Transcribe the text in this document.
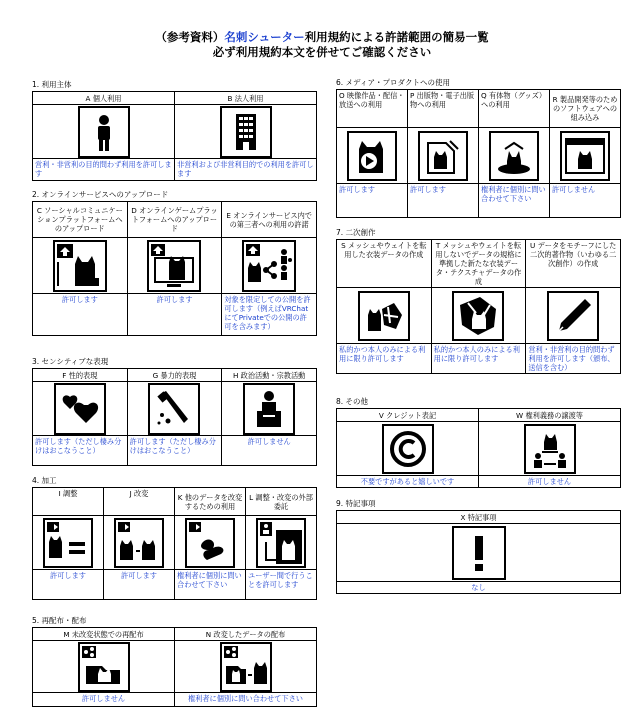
（参考資料）名刺シューター利用規約による許諾範囲の簡易一覧
必ず利用規約本文を併せてご確認ください
1. 利用主体
A 個人利用	B 法人利用

営利・非営利の目的問わず利用を許可します	非営利および非営利目的での利用を許可します
2. オンラインサービスへのアップロード
C ソーシャルコミュニケーションプラットフォームへのアップロード	D オンラインゲームプラットフォームへのアップロード	E オンラインサービス内での第三者への利用の許諾

許可します	許可します	対象を限定しての公開を許可します（例えばVRChatにてPrivateでの公開の許可を含みます）
3. センシティブな表現
F 性的表現	G 暴力的表現	H 政治活動・宗教活動

許可します（ただし棲み分けはおこなうこと）	許可します（ただし棲み分けはおこなうこと）	許可しません
4. 加工
I 調整	J 改変	K 他のデータを改変するための利用	L 調整・改変の外部委託

許可します	許可します	権利者に個別に問い合わせて下さい	ユーザー間で行うことを許可します
5. 再配布・配布
M 未改変状態での再配布	N 改変したデータの配布

許可しません	権利者に個別に問い合わせて下さい
6. メディア・プロダクトへの使用
O 映像作品・配信・放送への利用	P 出版物・電子出版物への利用	Q 有体物（グッズ）への利用	R 製品開発等のためのソフトウェアへの組み込み

許可します	許可します	権利者に個別に問い合わせて下さい	許可しません
7. 二次創作
S メッシュやウェイトを転用した衣装データの作成	T メッシュやウェイトを転用しないでデータの規格に準拠した新たな衣装データ・テクスチャデータの作成	U データをモチーフにした二次的著作物（いわゆる二次創作）の作成

私的かつ本人のみによる利用に限り許可します	私的かつ本人のみによる利用に限り許可します	営利・非営利の目的問わず利用を許可します（頒布、送信を含む）
8. その他
V クレジット表記	W 権利義務の譲渡等

不要ですがあると嬉しいです	許可しません
9. 特記事項
X 特記事項

なし
